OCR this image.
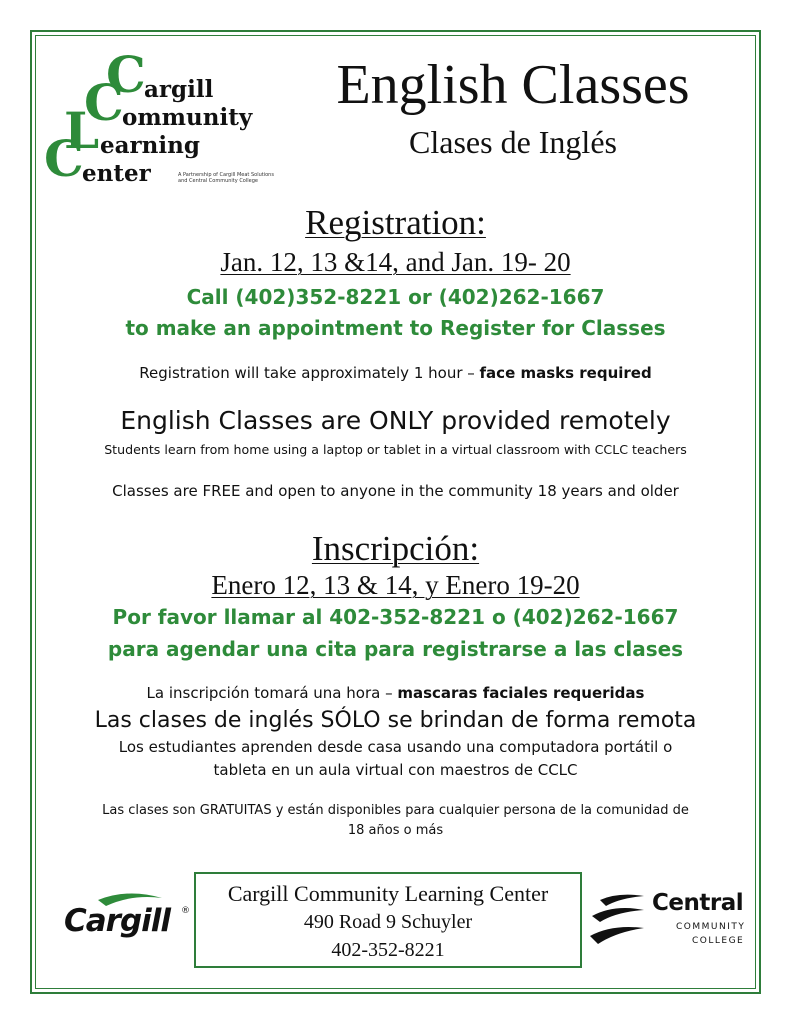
C
argill
C
ommunity
L earning
C
enter	A Partnership of Cargill Meat Solutions and Central Community College
English Classes
Clases de Inglés
Registration:
Jan. 12, 13 &14, and Jan. 19- 20
Call (402)352-8221 or (402)262-1667
to make an appointment to Register for Classes
Registration will take approximately 1 hour – face masks required
English Classes are ONLY provided remotely
Students learn from home using a laptop or tablet in a virtual classroom with CCLC teachers
Classes are FREE and open to anyone in the community 18 years and older
Inscripción:
Enero 12, 13 & 14, y Enero 19-20
Por favor llamar al 402-352-8221 o (402)262-1667
para agendar una cita para registrarse a las clases
La inscripción tomará una hora – mascaras faciales requeridas
Las clases de inglés SÓLO se brindan de forma remota
Los estudiantes aprenden desde casa usando una computadora portátil o
tableta en un aula virtual con maestros de CCLC
Las clases son GRATUITAS y están disponibles para cualquier persona de la comunidad de
18 años o más
Cargill ®
Cargill Community Learning Center
490 Road 9 Schuyler
402-352-8221
Central
COMMUNITY
COLLEGE
